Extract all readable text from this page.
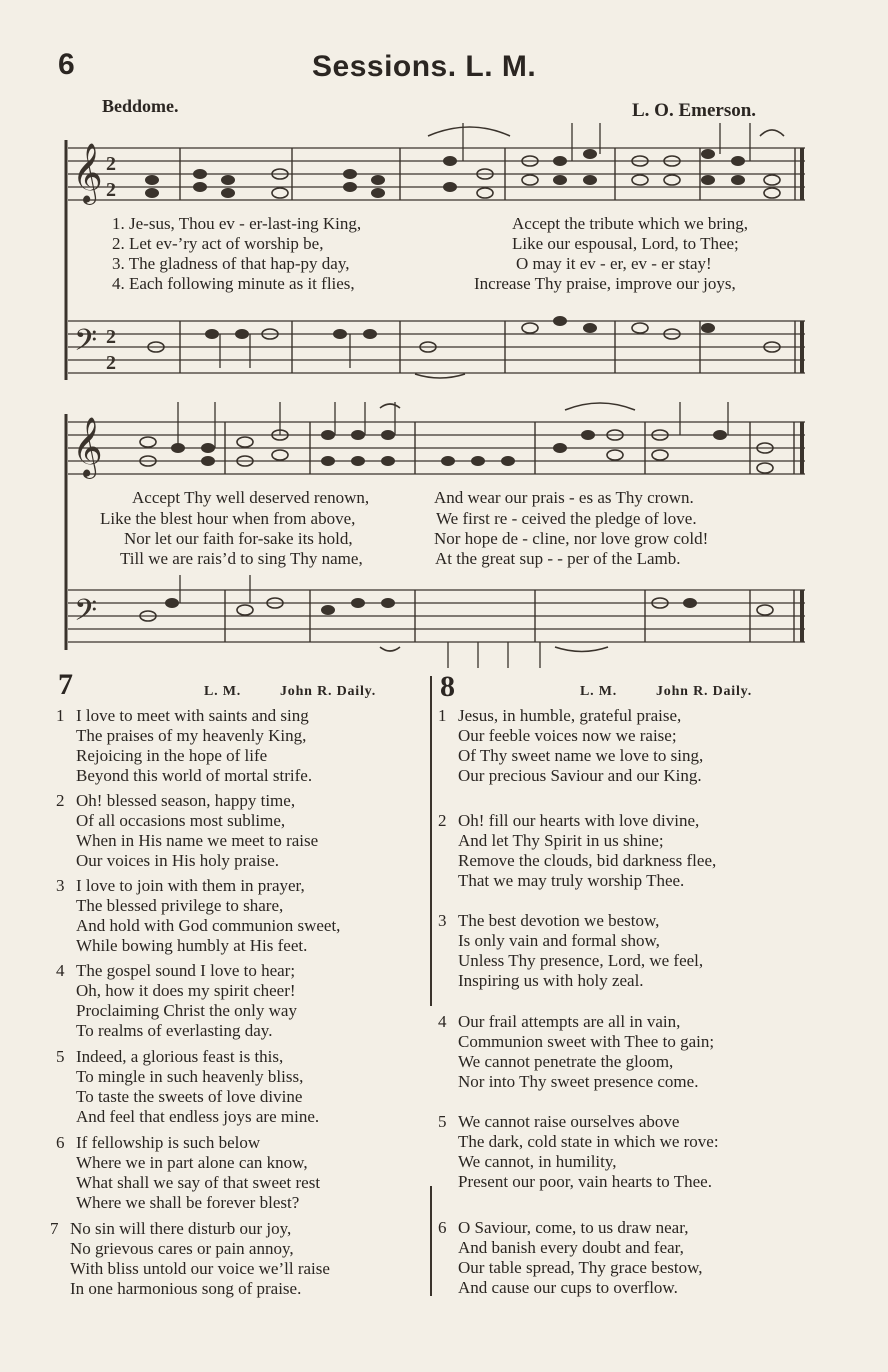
6	Sessions. L. M.
Beddome.	L. O. Emerson.
𝄞
𝄢
2
2
2
2
1. Je-sus, Thou ev - er-last-ing King,	Accept the tribute which we bring,
2. Let ev-’ry act of worship be,	Like our espousal, Lord, to Thee;
3. The gladness of that hap-py day,	O may it ev - er, ev - er stay!
4. Each following minute as it flies,	Increase Thy praise, improve our joys,
𝄞
𝄢
Accept Thy well deserved renown,	And wear our prais - es as Thy crown.
Like the blest hour when from above,	We first re - ceived the pledge of love.
Nor let our faith for-sake its hold,	Nor hope de - cline, nor love grow cold!
Till we are rais’d to sing Thy name,	At the great sup - - per of the Lamb.
7	L. M.	John R. Daily.
1 I love to meet with saints and sing
The praises of my heavenly King,
Rejoicing in the hope of life
Beyond this world of mortal strife.
2 Oh! blessed season, happy time,
Of all occasions most sublime,
When in His name we meet to raise
Our voices in His holy praise.
3 I love to join with them in prayer,
The blessed privilege to share,
And hold with God communion sweet,
While bowing humbly at His feet.
4 The gospel sound I love to hear;
Oh, how it does my spirit cheer!
Proclaiming Christ the only way
To realms of everlasting day.
5 Indeed, a glorious feast is this,
To mingle in such heavenly bliss,
To taste the sweets of love divine
And feel that endless joys are mine.
6 If fellowship is such below
Where we in part alone can know,
What shall we say of that sweet rest
Where we shall be forever blest?
7 No sin will there disturb our joy,
No grievous cares or pain annoy,
With bliss untold our voice we’ll raise
In one harmonious song of praise.
8	L. M.	John R. Daily.
1 Jesus, in humble, grateful praise,
Our feeble voices now we raise;
Of Thy sweet name we love to sing,
Our precious Saviour and our King.
2 Oh! fill our hearts with love divine,
And let Thy Spirit in us shine;
Remove the clouds, bid darkness flee,
That we may truly worship Thee.
3 The best devotion we bestow,
Is only vain and formal show,
Unless Thy presence, Lord, we feel,
Inspiring us with holy zeal.
4 Our frail attempts are all in vain,
Communion sweet with Thee to gain;
We cannot penetrate the gloom,
Nor into Thy sweet presence come.
5 We cannot raise ourselves above
The dark, cold state in which we rove:
We cannot, in humility,
Present our poor, vain hearts to Thee.
6 O Saviour, come, to us draw near,
And banish every doubt and fear,
Our table spread, Thy grace bestow,
And cause our cups to overflow.
